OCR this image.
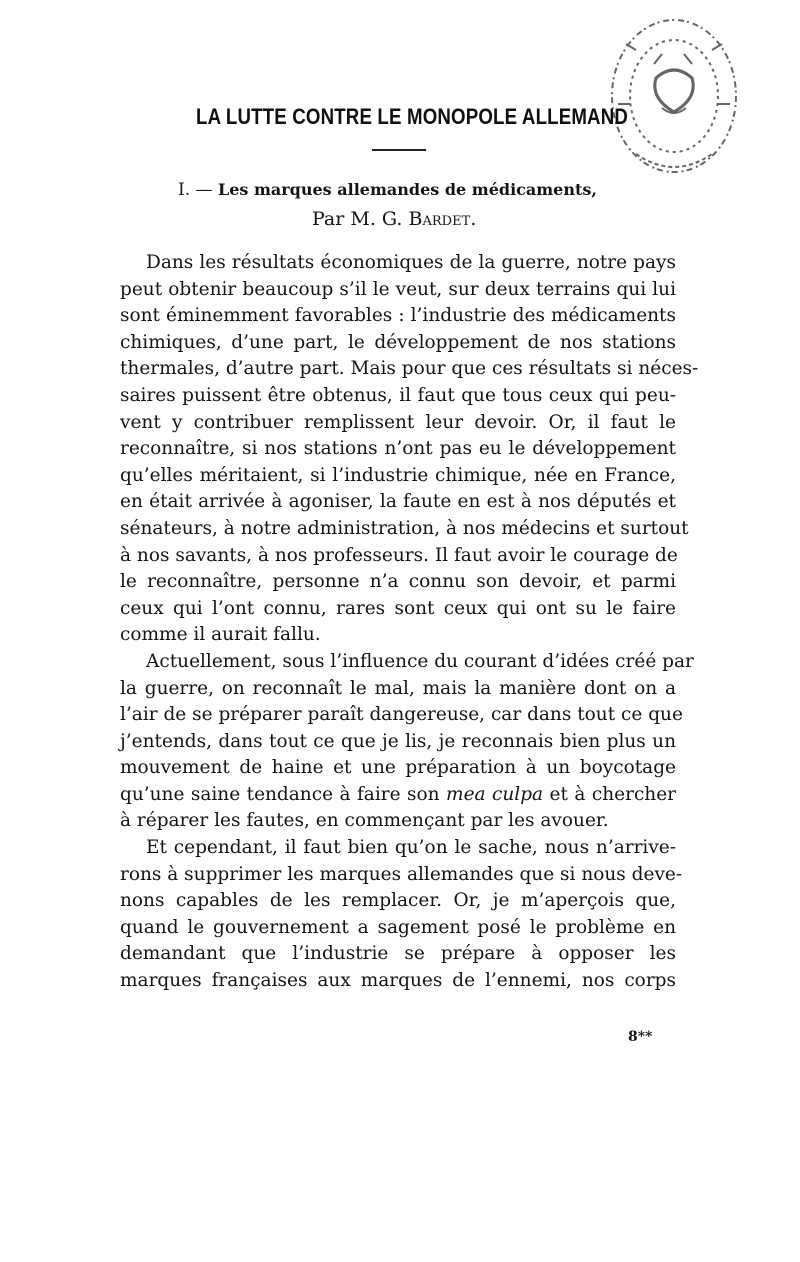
LA LUTTE CONTRE LE MONOPOLE ALLEMAND
I. — Les marques allemandes de médicaments,
Par M. G. Bardet.

Dans les résultats économiques de la guerre, notre pays
peut obtenir beaucoup s’il le veut, sur deux terrains qui lui
sont éminemment favorables : l’industrie des médicaments
chimiques, d’une part, le développement de nos stations
thermales, d’autre part. Mais pour que ces résultats si néces-
saires puissent être obtenus, il faut que tous ceux qui peu-
vent y contribuer remplissent leur devoir. Or, il faut le
reconnaître, si nos stations n’ont pas eu le développement
qu’elles méritaient, si l’industrie chimique, née en France,
en était arrivée à agoniser, la faute en est à nos députés et
sénateurs, à notre administration, à nos médecins et surtout
à nos savants, à nos professeurs. Il faut avoir le courage de
le reconnaître, personne n’a connu son devoir, et parmi
ceux qui l’ont connu, rares sont ceux qui ont su le faire
comme il aurait fallu.

Actuellement, sous l’influence du courant d’idées créé par
la guerre, on reconnaît le mal, mais la manière dont on a
l’air de se préparer paraît dangereuse, car dans tout ce que
j’entends, dans tout ce que je lis, je reconnais bien plus un
mouvement de haine et une préparation à un boycotage
qu’une saine tendance à faire son mea culpa et à chercher
à réparer les fautes, en commençant par les avouer.

Et cependant, il faut bien qu’on le sache, nous n’arrive-
rons à supprimer les marques allemandes que si nous deve-
nons capables de les remplacer. Or, je m’aperçois que,
quand le gouvernement a sagement posé le problème en
demandant que l’industrie se prépare à opposer les
marques françaises aux marques de l’ennemi, nos corps

8**
